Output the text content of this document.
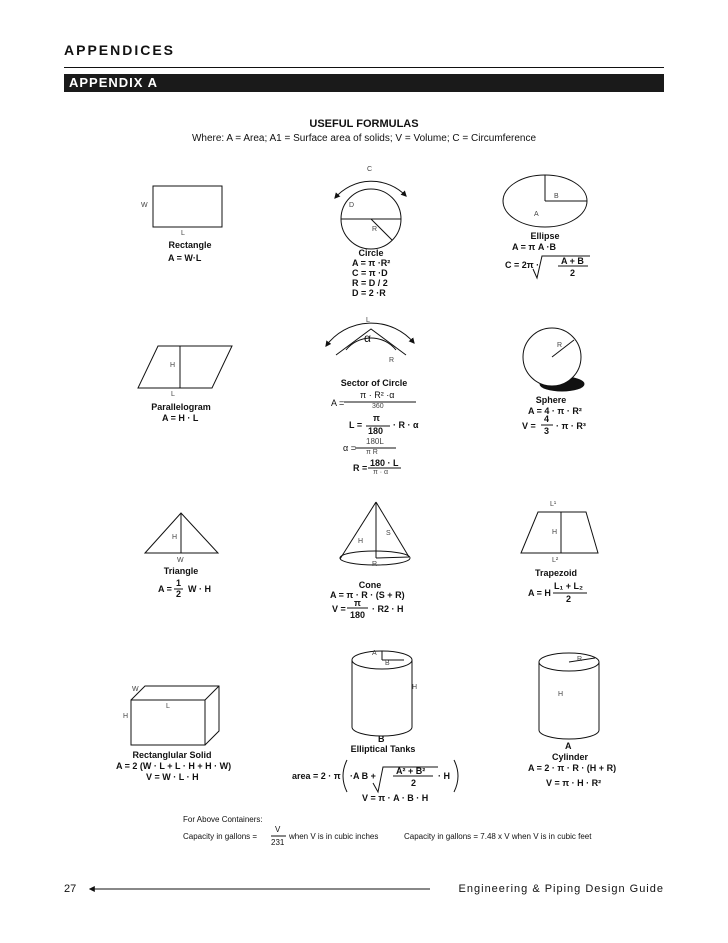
APPENDICES
APPENDIX A
USEFUL FORMULAS
Where: A = Area; A1 = Surface area of solids; V = Volume; C = Circumference
W
L
Rectangle
A = W·L
C
D
R
Circle
A = π ·R²
C = π ·D
R = D / 2
D = 2 ·R
B
A
Ellipse
A = π A ·B
C = 2π · A + B
2
H
L
Parallelogram
A = H · L
L
α
R
Sector of Circle
A =
π · R² ·α
360
L =
π
180
· R · α
α =
180L
π R
R = 180 · L
π · α
R
Sphere
A = 4 · π · R²
V =
4
3 · π · R³
H
W
Triangle
A =
1
2 W · H
H
S
R
Cone
A = π · R · (S + R)
V =
π
180
· R2 · H
L¹
H
L²
Trapezoid
A = H
L₁ + L₂
2
W
L
H
Rectanglular Solid
A = 2 (W · L + L · H + H · W)
V = W · L · H
A
B
H
B
Elliptical Tanks
area = 2 · π ·A B + A² + B²
2
· H
V = π · A · B · H
R
H
A
Cylinder
A = 2 · π · R · (H + R)
V = π · H · R²
For Above Containers:
Capacity in gallons =
V
231
when V is in cubic inches	Capacity in gallons = 7.48 x V when V is in cubic feet
27	Engineering & Piping Design Guide
